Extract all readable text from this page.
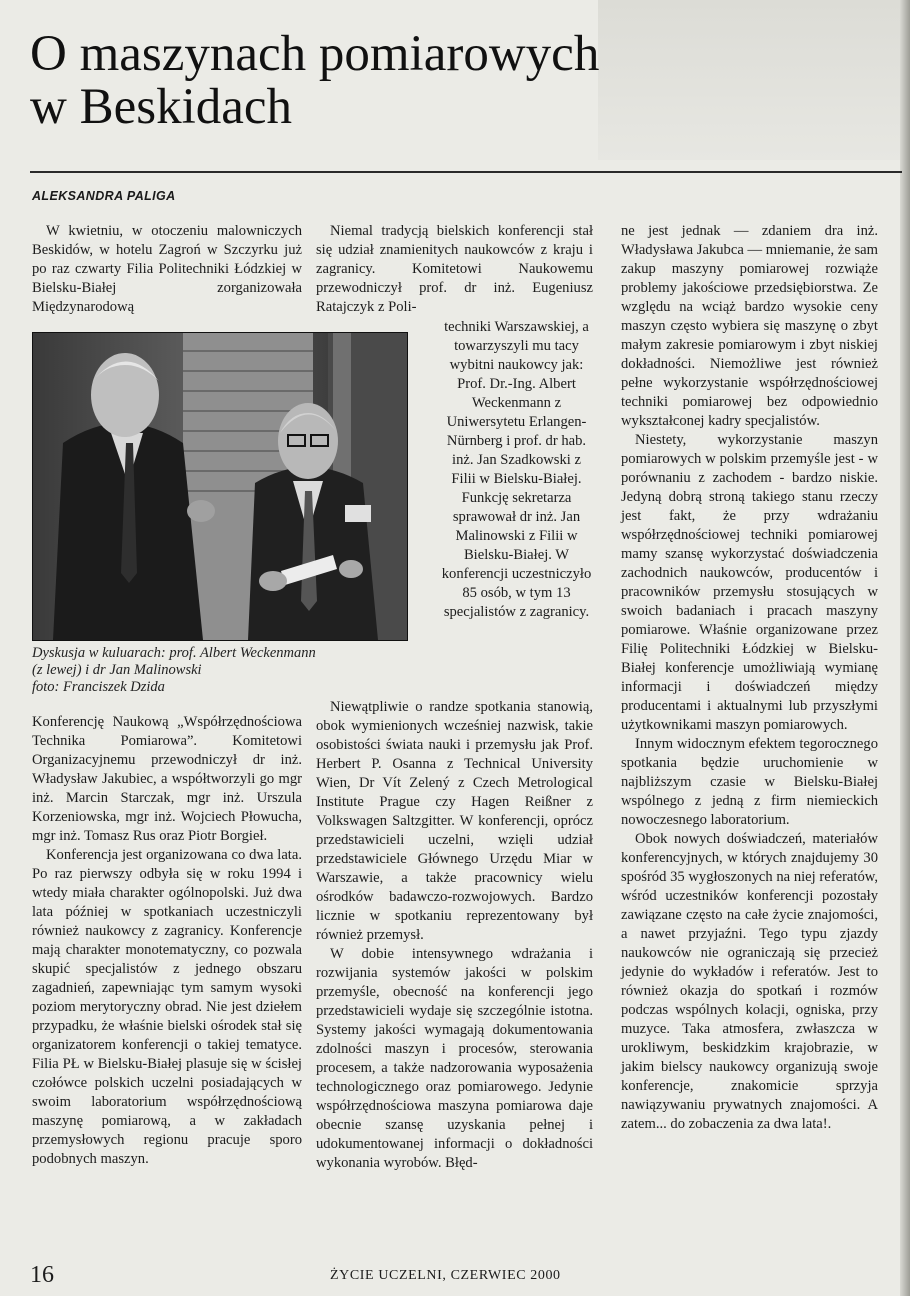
O maszynach pomiarowych
w Beskidach

ALEKSANDRA PALIGA

W kwietniu, w otoczeniu malowniczych Beskidów, w hotelu Zagroń w Szczyrku już po raz czwarty Filia Politechniki Łódzkiej w Bielsku-Białej zorganizowała Międzynarodową

Dyskusja w kuluarach: prof. Albert Weckenmann
(z lewej) i dr Jan Malinowski
foto: Franciszek Dzida

Konferencję Naukową „Współrzędnościowa Technika Pomiarowa”. Komitetowi Organizacyjnemu przewodniczył dr inż. Władysław Jakubiec, a współtworzyli go mgr inż. Marcin Starczak, mgr inż. Urszula Korzeniowska, mgr inż. Wojciech Płowucha, mgr inż. Tomasz Rus oraz Piotr Borgieł.

Konferencja jest organizowana co dwa lata. Po raz pierwszy odbyła się w roku 1994 i wtedy miała charakter ogólnopolski. Już dwa lata później w spotkaniach uczestniczyli również naukowcy z zagranicy. Konferencje mają charakter monotematyczny, co pozwala skupić specjalistów z jednego obszaru zagadnień, zapewniając tym samym wysoki poziom merytoryczny obrad. Nie jest dziełem przypadku, że właśnie bielski ośrodek stał się organizatorem konferencji o takiej tematyce. Filia PŁ w Bielsku-Białej plasuje się w ścisłej czołówce polskich uczelni posiadających w swoim laboratorium współrzędnościową maszynę pomiarową, a w zakładach przemysłowych regionu pracuje sporo podobnych maszyn.

Niemal tradycją bielskich konferencji stał się udział znamienitych naukowców z kraju i zagranicy. Komitetowi Naukowemu przewodniczył prof. dr inż. Eugeniusz Ratajczyk z Poli-

techniki Warszawskiej, a towarzyszyli mu tacy wybitni naukowcy jak: Prof. Dr.-Ing. Albert Weckenmann z Uniwersytetu Erlangen-Nürnberg i prof. dr hab. inż. Jan Szadkowski z Filii w Bielsku-Białej. Funkcję sekretarza sprawował dr inż. Jan Malinowski z Filii w Bielsku-Białej. W konferencji uczestniczyło 85 osób, w tym 13 specjalistów z zagranicy.

Niewątpliwie o randze spotkania stanowią, obok wymienionych wcześniej nazwisk, takie osobistości świata nauki i przemysłu jak Prof. Herbert P. Osanna z Technical University Wien, Dr Vít Zelený z Czech Metrological Institute Prague czy Hagen Reißner z Volkswagen Saltzgitter. W konferencji, oprócz przedstawicieli uczelni, wzięli udział przedstawiciele Głównego Urzędu Miar w Warszawie, a także pracownicy wielu ośrodków badawczo-rozwojowych. Bardzo licznie w spotkaniu reprezentowany był również przemysł.

W dobie intensywnego wdrażania i rozwijania systemów jakości w polskim przemyśle, obecność na konferencji jego przedstawicieli wydaje się szczególnie istotna. Systemy jakości wymagają dokumentowania zdolności maszyn i procesów, sterowania procesem, a także nadzorowania wyposażenia technologicznego oraz pomiarowego. Jedynie współrzędnościowa maszyna pomiarowa daje obecnie szansę uzyskania pełnej i udokumentowanej informacji o dokładności wykonania wyrobów. Błęd-

ne jest jednak — zdaniem dra inż. Władysława Jakubca — mniemanie, że sam zakup maszyny pomiarowej rozwiąże problemy jakościowe przedsiębiorstwa. Ze względu na wciąż bardzo wysokie ceny maszyn często wybiera się maszynę o zbyt małym zakresie pomiarowym i zbyt niskiej dokładności. Niemożliwe jest również pełne wykorzystanie współrzędnościowej techniki pomiarowej bez odpowiednio wykształconej kadry specjalistów.

Niestety, wykorzystanie maszyn pomiarowych w polskim przemyśle jest - w porównaniu z zachodem - bardzo niskie. Jedyną dobrą stroną takiego stanu rzeczy jest fakt, że przy wdrażaniu współrzędnościowej techniki pomiarowej mamy szansę wykorzystać doświadczenia zachodnich naukowców, producentów i pracowników przemysłu stosujących w swoich badaniach i pracach maszyny pomiarowe. Właśnie organizowane przez Filię Politechniki Łódzkiej w Bielsku-Białej konferencje umożliwiają wymianę informacji i doświadczeń między producentami i aktualnymi lub przyszłymi użytkownikami maszyn pomiarowych.

Innym widocznym efektem tegorocznego spotkania będzie uruchomienie w najbliższym czasie w Bielsku-Białej wspólnego z jedną z firm niemieckich nowoczesnego laboratorium.

Obok nowych doświadczeń, materiałów konferencyjnych, w których znajdujemy 30 spośród 35 wygłoszonych na niej referatów, wśród uczestników konferencji pozostały zawiązane często na całe życie znajomości, a nawet przyjaźni. Tego typu zjazdy naukowców nie ograniczają się przecież jedynie do wykładów i referatów. Jest to również okazja do spotkań i rozmów podczas wspólnych kolacji, ogniska, przy muzyce. Taka atmosfera, zwłaszcza w urokliwym, beskidzkim krajobrazie, w jakim bielscy naukowcy organizują swoje konferencje, znakomicie sprzyja nawiązywaniu prywatnych znajomości. A zatem... do zobaczenia za dwa lata!.

16	ŻYCIE UCZELNI, CZERWIEC 2000
